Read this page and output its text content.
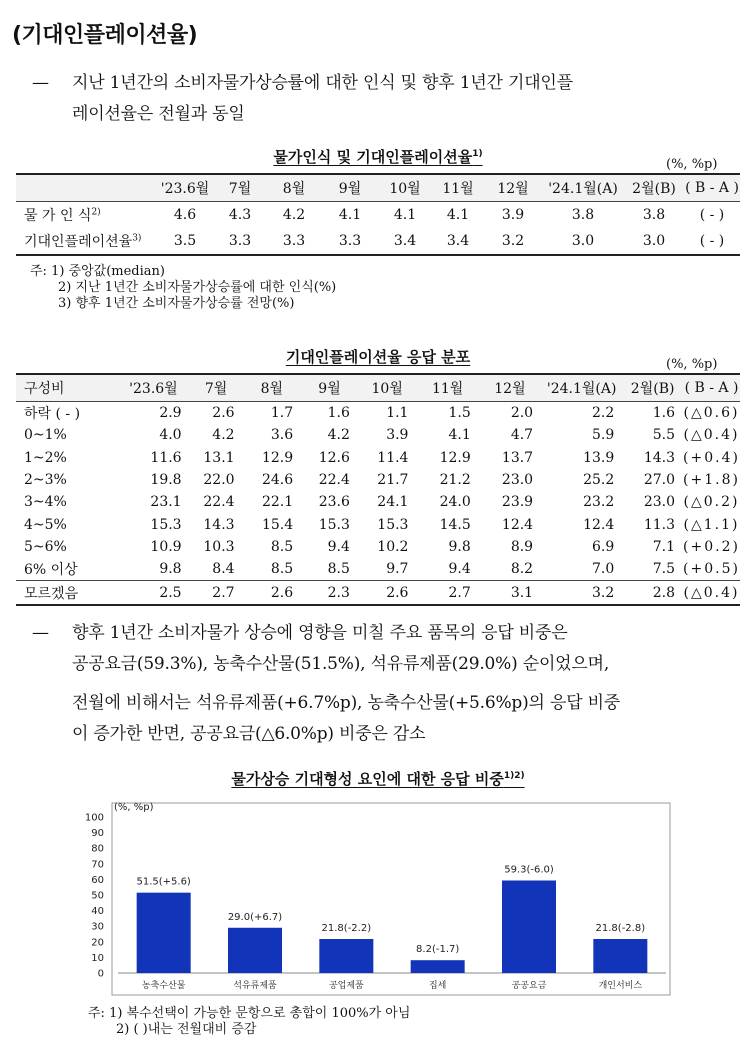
(기대인플레이션율)
— 지난 1년간의 소비자물가상승률에 대한 인식 및 향후 1년간 기대인플
레이션율은 전월과 동일
물가인식 및 기대인플레이션율$^{1)}$
(%, %p)
	'23.6월	7월	8월	9월	10월	11월	12월	'24.1월(A)	2월(B)	( B - A )
물 가 인 식$^{2)}$	4.6	4.3	4.2	4.1	4.1	4.1	3.9	3.8	3.8	( - )
기대인플레이션율$^{3)}$	3.5	3.3	3.3	3.3	3.4	3.4	3.2	3.0	3.0	( - )
주: 1) 중앙값(median)
2) 지난 1년간 소비자물가상승률에 대한 인식(%)
3) 향후 1년간 소비자물가상승률 전망(%)
기대인플레이션율 응답 분포	(%, %p)
구성비	'23.6월	7월	8월	9월	10월	11월	12월	'24.1월(A)	2월(B)	( B - A )
하락 ( - )	2.9	2.6	1.7	1.6	1.1	1.5	2.0	2.2	1.6	(△0.6)
0~1%	4.0	4.2	3.6	4.2	3.9	4.1	4.7	5.9	5.5	(△0.4)
1~2%	11.6	13.1	12.9	12.6	11.4	12.9	13.7	13.9	14.3	(+0.4)
2~3%	19.8	22.0	24.6	22.4	21.7	21.2	23.0	25.2	27.0	(+1.8)
3~4%	23.1	22.4	22.1	23.6	24.1	24.0	23.9	23.2	23.0	(△0.2)
4~5%	15.3	14.3	15.4	15.3	15.3	14.5	12.4	12.4	11.3	(△1.1)
5~6%	10.9	10.3	8.5	9.4	10.2	9.8	8.9	6.9	7.1	(+0.2)
6% 이상	9.8	8.4	8.5	8.5	9.7	9.4	8.2	7.0	7.5	(+0.5)
모르겠음	2.5	2.7	2.6	2.3	2.6	2.7	3.1	3.2	2.8	(△0.4)
— 향후 1년간 소비자물가 상승에 영향을 미칠 주요 품목의 응답 비중은
공공요금(59.3%), 농축수산물(51.5%), 석유류제품(29.0%) 순이었으며,
전월에 비해서는 석유류제품(+6.7%p), 농축수산물(+5.6%p)의 응답 비중
이 증가한 반면, 공공요금(△6.0%p) 비중은 감소
물가상승 기대형성 요인에 대한 응답 비중$^{1)2)}$
0
10
20
30
40
50
60
70
80
90
100
(%, %p)
51.5(+5.6)
농축수산물
29.0(+6.7)
석유류제품
21.8(-2.2)
공업제품
8.2(-1.7)
집세
59.3(-6.0)
공공요금
21.8(-2.8)
개인서비스
주: 1) 복수선택이 가능한 문항으로 총합이 100%가 아님
2) ( )내는 전월대비 증감
